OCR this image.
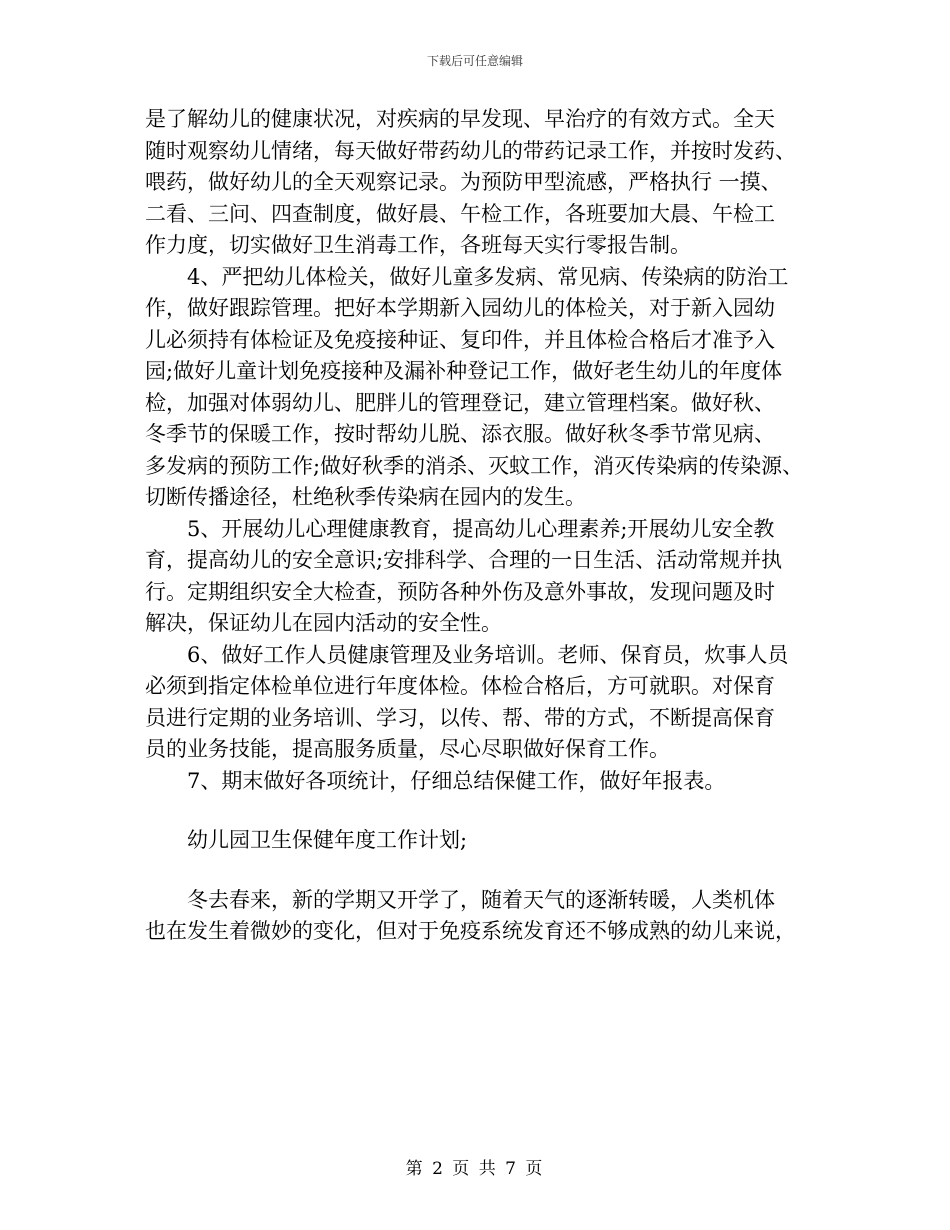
下载后可任意编辑
是了解幼儿的健康状况，对疾病的早发现、早治疗的有效方式。全天
随时观察幼儿情绪，每天做好带药幼儿的带药记录工作，并按时发药、
喂药，做好幼儿的全天观察记录。为预防甲型流感，严格执行 一摸、
二看、三问、四查制度，做好晨、午检工作，各班要加大晨、午检工
作力度，切实做好卫生消毒工作，各班每天实行零报告制。
4、严把幼儿体检关，做好儿童多发病、常见病、传染病的防治工
作，做好跟踪管理。把好本学期新入园幼儿的体检关，对于新入园幼
儿必须持有体检证及免疫接种证、复印件，并且体检合格后才准予入
园;做好儿童计划免疫接种及漏补种登记工作，做好老生幼儿的年度体
检，加强对体弱幼儿、肥胖儿的管理登记，建立管理档案。做好秋、
冬季节的保暖工作，按时帮幼儿脱、添衣服。做好秋冬季节常见病、
多发病的预防工作;做好秋季的消杀、灭蚊工作，消灭传染病的传染源、
切断传播途径，杜绝秋季传染病在园内的发生。
5、开展幼儿心理健康教育，提高幼儿心理素养;开展幼儿安全教
育，提高幼儿的安全意识;安排科学、合理的一日生活、活动常规并执
行。定期组织安全大检查，预防各种外伤及意外事故，发现问题及时
解决，保证幼儿在园内活动的安全性。
6、做好工作人员健康管理及业务培训。老师、保育员，炊事人员
必须到指定体检单位进行年度体检。体检合格后，方可就职。对保育
员进行定期的业务培训、学习，以传、帮、带的方式，不断提高保育
员的业务技能，提高服务质量，尽心尽职做好保育工作。
7、期末做好各项统计，仔细总结保健工作，做好年报表。
幼儿园卫生保健年度工作计划;
冬去春来，新的学期又开学了，随着天气的逐渐转暖，人类机体
也在发生着微妙的变化，但对于免疫系统发育还不够成熟的幼儿来说，
第 2 页 共 7 页
